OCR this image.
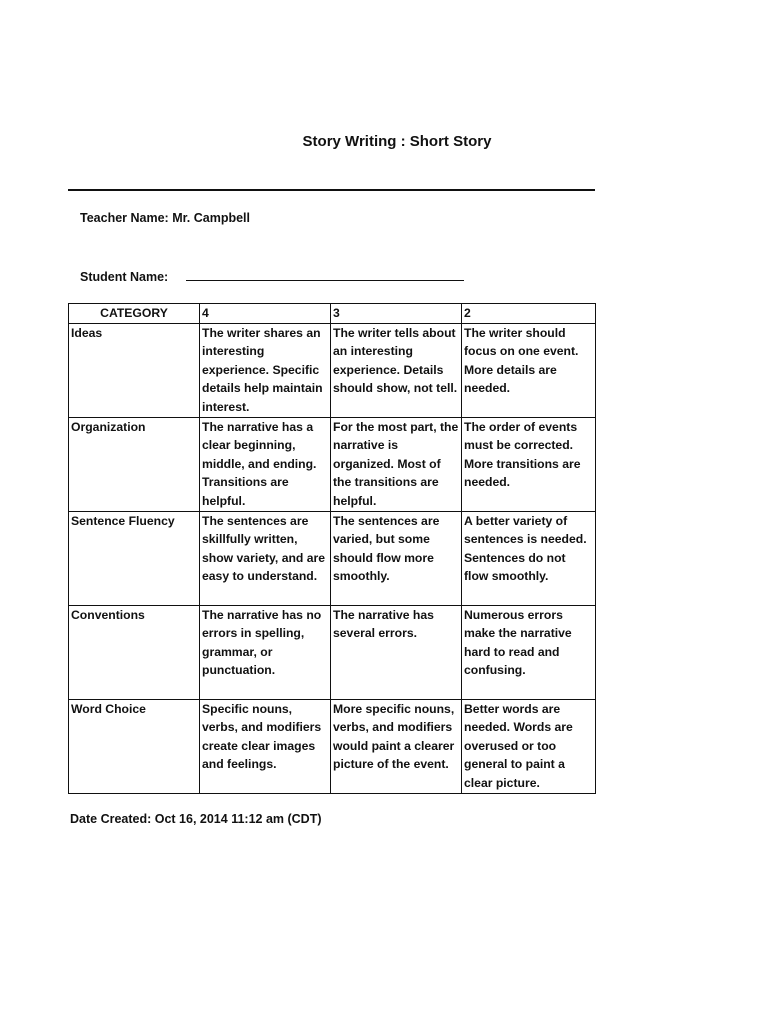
Story Writing : Short Story
Teacher Name: Mr. Campbell
Student Name:
CATEGORY	4	3	2
Ideas	The writer shares an interesting experience. Specific details help maintain interest.	The writer tells about an interesting experience. Details should show, not tell.	The writer should focus on one event. More details are needed.
Organization	The narrative has a clear beginning, middle, and ending. Transitions are helpful.	For the most part, the narrative is organized. Most of the transitions are helpful.	The order of events must be corrected. More transitions are needed.
Sentence Fluency	The sentences are skillfully written, show variety, and are easy to understand.	The sentences are varied, but some should flow more smoothly.	A better variety of sentences is needed. Sentences do not flow smoothly.
Conventions	The narrative has no errors in spelling, grammar, or punctuation.	The narrative has several errors.	Numerous errors make the narrative hard to read and confusing.
Word Choice	Specific nouns, verbs, and modifiers create clear images and feelings.	More specific nouns, verbs, and modifiers would paint a clearer picture of the event.	Better words are needed. Words are overused or too general to paint a clear picture.
Date Created: Oct 16, 2014 11:12 am (CDT)
